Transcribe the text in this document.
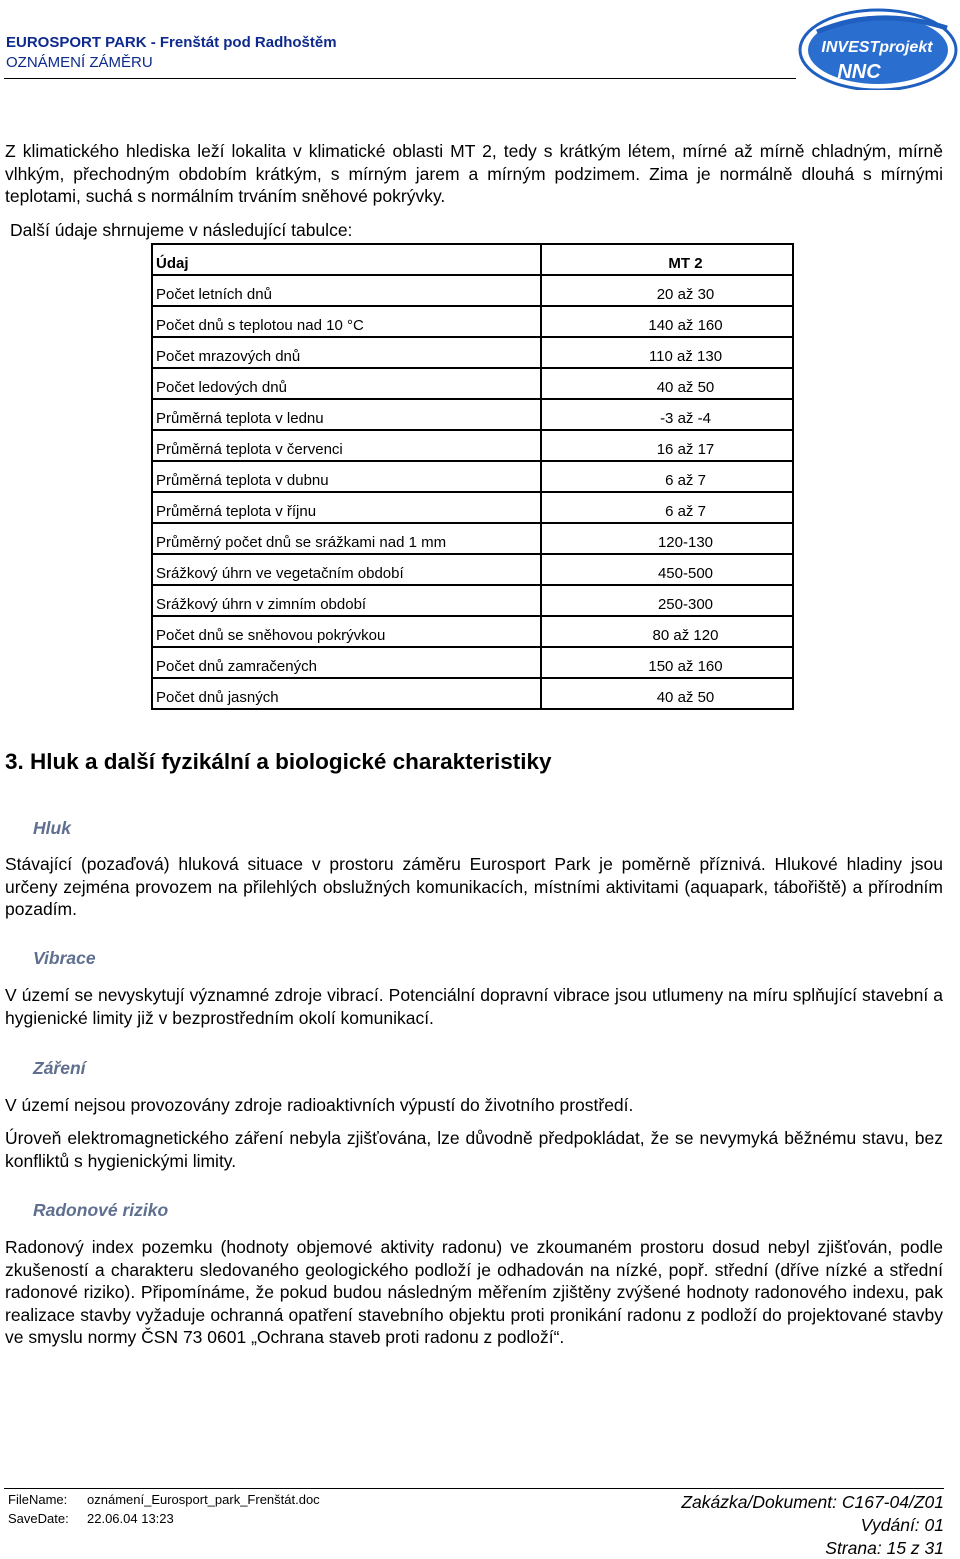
EUROSPORT PARK - Frenštát pod Radhoštěm
OZNÁMENÍ ZÁMĚRU
INVESTprojekt
NNC

Z klimatického hlediska leží lokalita v klimatické oblasti MT 2, tedy s krátkým létem, mírné až mírně chladným, mírně vlhkým, přechodným obdobím krátkým, s mírným jarem a mírným podzimem. Zima je normálně dlouhá s mírnými teplotami, suchá s normálním trváním sněhové pokrývky.

Další údaje shrnujeme v následující tabulce:
Údaj	MT 2
Počet letních dnů	20 až 30
Počet dnů s teplotou nad 10 °C	140 až 160
Počet mrazových dnů	110 až 130
Počet ledových dnů	40 až 50
Průměrná teplota v lednu	-3 až -4
Průměrná teplota v červenci	16 až 17
Průměrná teplota v dubnu	6 až 7
Průměrná teplota v říjnu	6 až 7
Průměrný počet dnů se srážkami nad 1 mm	120-130
Srážkový úhrn ve vegetačním období	450-500
Srážkový úhrn v zimním období	250-300
Počet dnů se sněhovou pokrývkou	80 až 120
Počet dnů zamračených	150 až 160
Počet dnů jasných	40 až 50
3. Hluk a další fyzikální a biologické charakteristiky
Hluk

Stávající (pozaďová) hluková situace v prostoru záměru Eurosport Park je poměrně příznivá. Hlukové hladiny jsou určeny zejména provozem na přilehlých obslužných komunikacích, místními aktivitami (aquapark, tábořiště) a přírodním pozadím.

Vibrace

V území se nevyskytují významné zdroje vibrací. Potenciální dopravní vibrace jsou utlumeny na míru splňující stavební a hygienické limity již v bezprostředním okolí komunikací.

Záření

V území nejsou provozovány zdroje radioaktivních výpustí do životního prostředí.

Úroveň elektromagnetického záření nebyla zjišťována, lze důvodně předpokládat, že se nevymyká běžnému stavu, bez konfliktů s hygienickými limity.

Radonové riziko

Radonový index pozemku (hodnoty objemové aktivity radonu) ve zkoumaném prostoru dosud nebyl zjišťován, podle zkušeností a charakteru sledovaného geologického podloží je odhadován na nízké, popř. střední (dříve nízké a střední radonové riziko). Připomínáme, že pokud budou následným měřením zjištěny zvýšené hodnoty radonového indexu, pak realizace stavby vyžaduje ochranná opatření stavebního objektu proti pronikání radonu z podloží do projektované stavby ve smyslu normy ČSN 73 0601 „Ochrana staveb proti radonu z podloží“.

FileName: oznámení_Eurosport_park_Frenštát.doc
SaveDate: 22.06.04 13:23
Zakázka/Dokument: C167-04/Z01
Vydání: 01
Strana: 15 z 31
